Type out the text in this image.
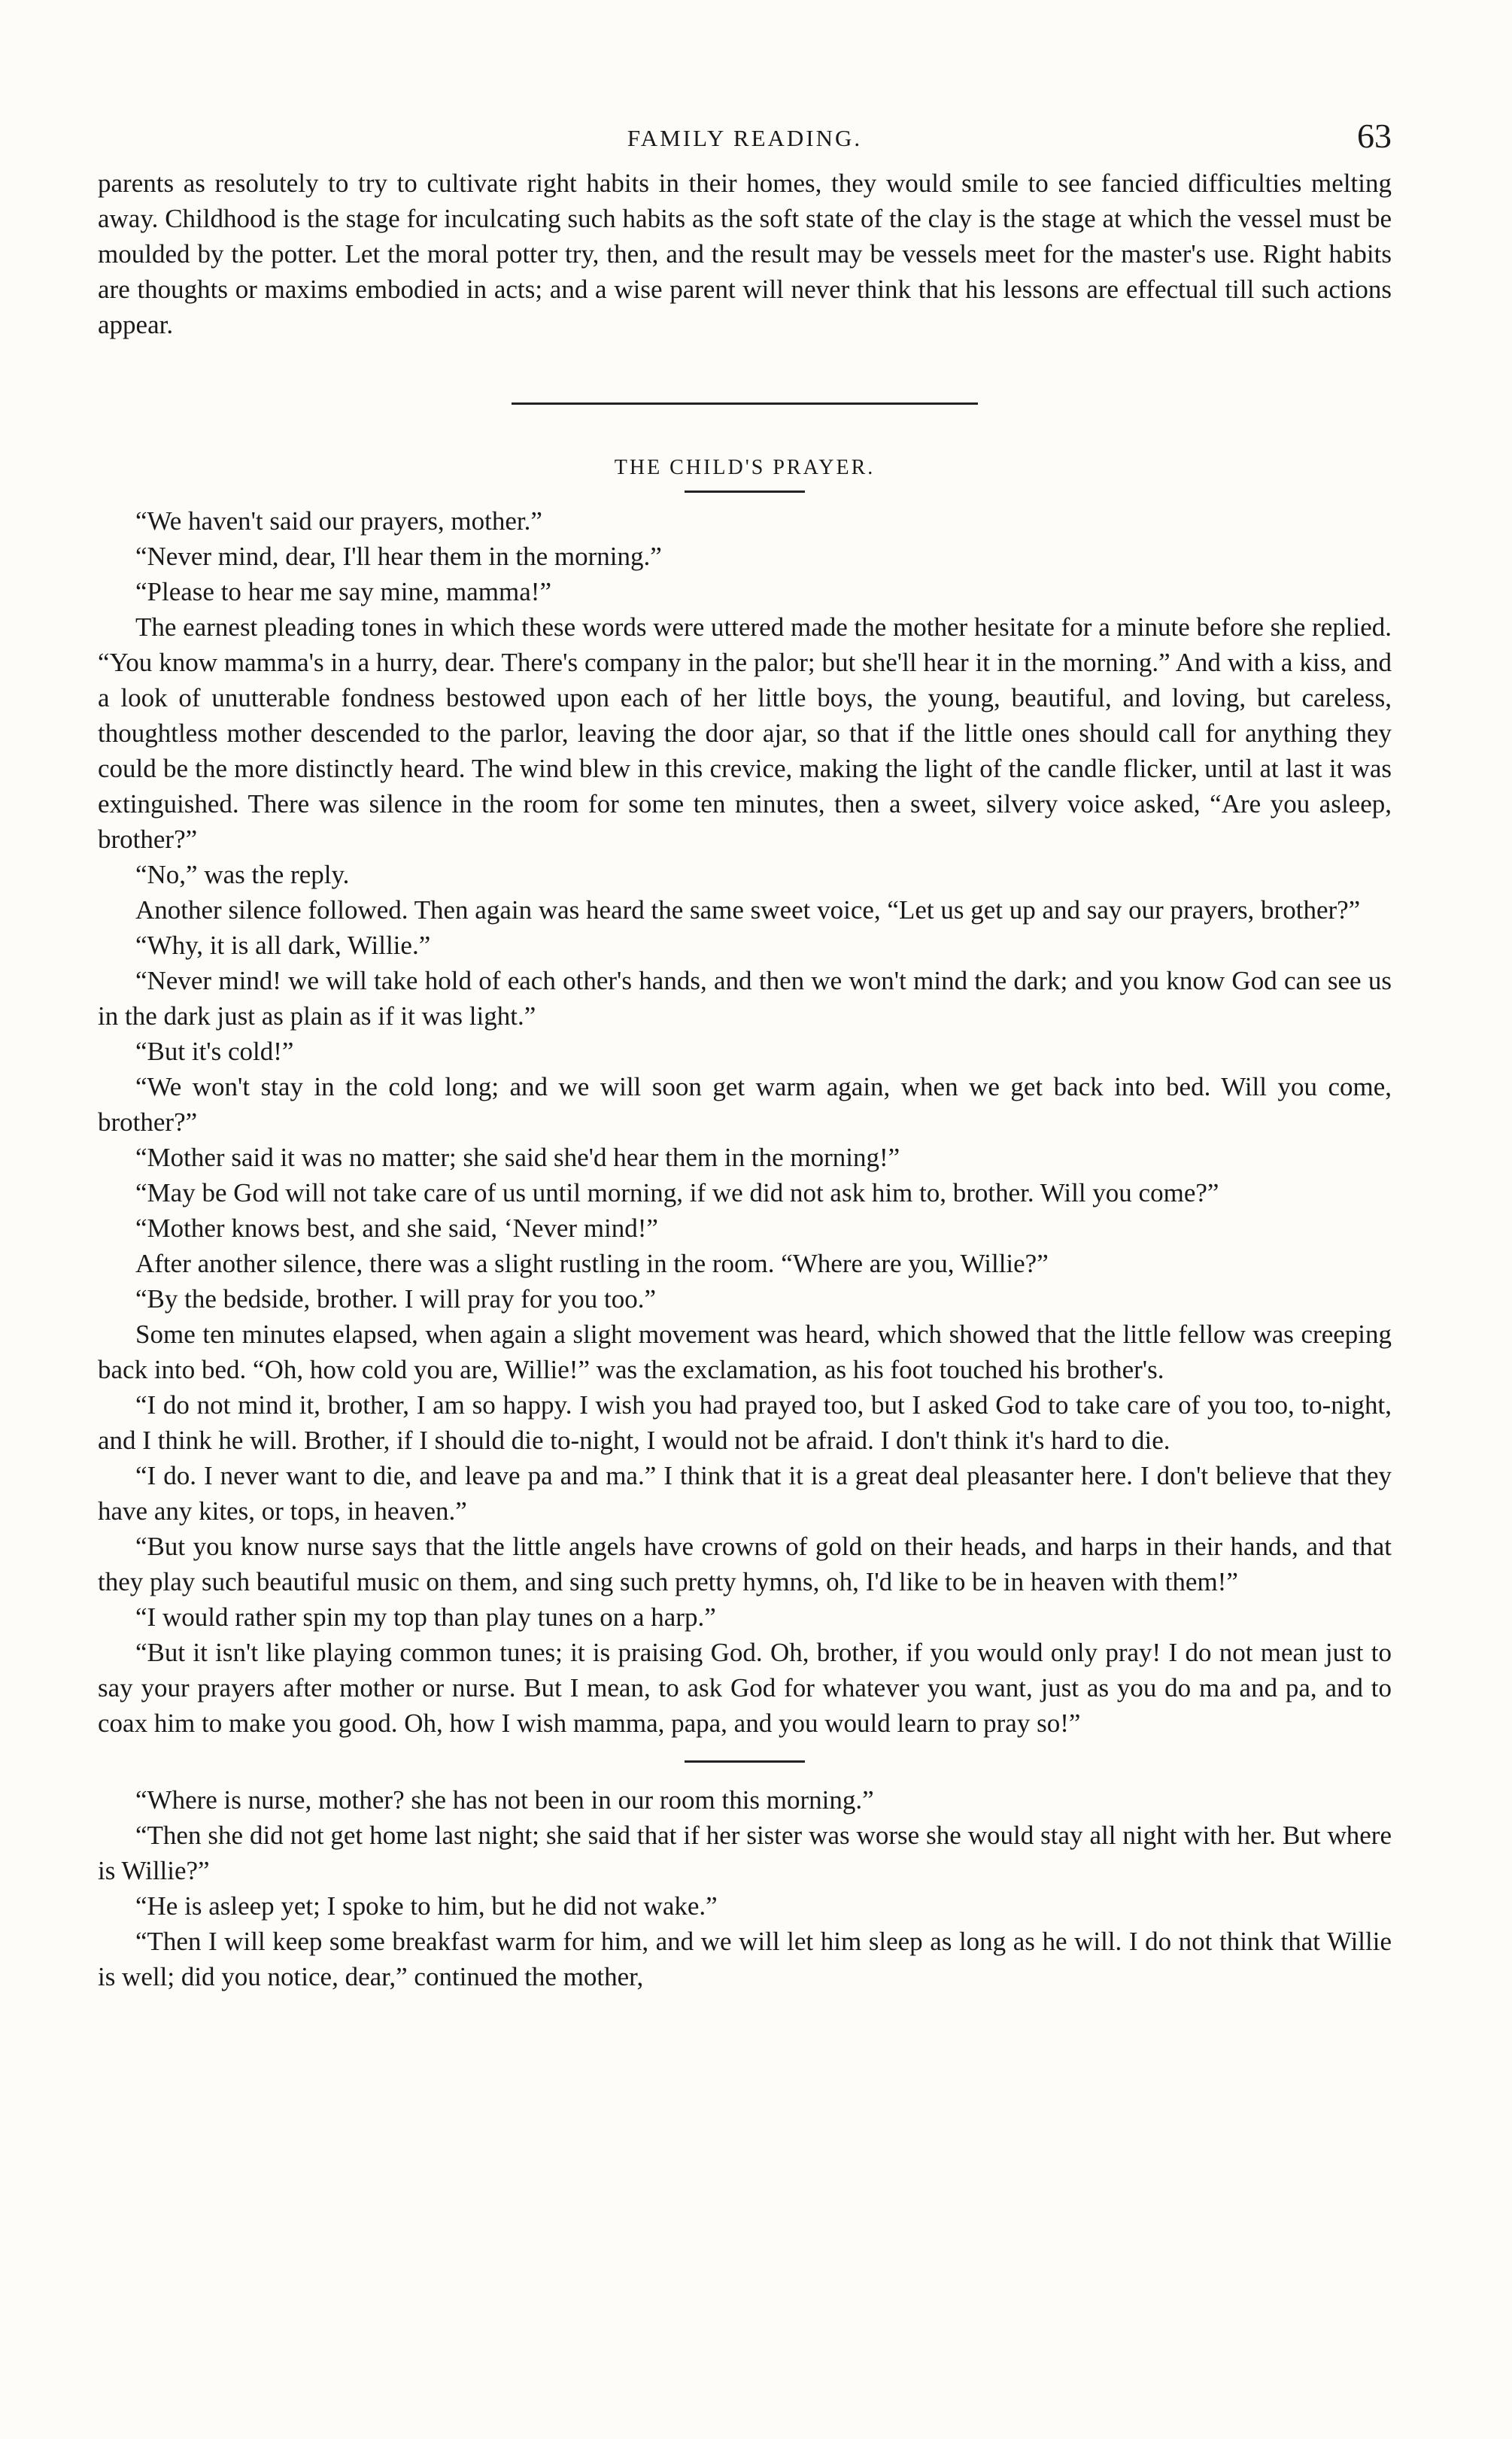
FAMILY READING.	63

parents as resolutely to try to cultivate right habits in their homes, they would smile to see fancied difficulties melting away. Childhood is the stage for inculcating such habits as the soft state of the clay is the stage at which the vessel must be moulded by the potter. Let the moral potter try, then, and the result may be vessels meet for the master's use. Right habits are thoughts or maxims embodied in acts; and a wise parent will never think that his lessons are effectual till such actions appear.

THE CHILD'S PRAYER.

“We haven't said our prayers, mother.”

“Never mind, dear, I'll hear them in the morning.”

“Please to hear me say mine, mamma!”

The earnest pleading tones in which these words were uttered made the mother hesitate for a minute before she replied. “You know mamma's in a hurry, dear. There's company in the palor; but she'll hear it in the morning.” And with a kiss, and a look of unutterable fondness bestowed upon each of her little boys, the young, beautiful, and loving, but careless, thoughtless mother descended to the parlor, leaving the door ajar, so that if the little ones should call for anything they could be the more distinctly heard. The wind blew in this crevice, making the light of the candle flicker, until at last it was extinguished. There was silence in the room for some ten minutes, then a sweet, silvery voice asked, “Are you asleep, brother?”

“No,” was the reply.

Another silence followed. Then again was heard the same sweet voice, “Let us get up and say our prayers, brother?”

“Why, it is all dark, Willie.”

“Never mind! we will take hold of each other's hands, and then we won't mind the dark; and you know God can see us in the dark just as plain as if it was light.”

“But it's cold!”

“We won't stay in the cold long; and we will soon get warm again, when we get back into bed. Will you come, brother?”

“Mother said it was no matter; she said she'd hear them in the morning!”

“May be God will not take care of us until morning, if we did not ask him to, brother. Will you come?”

“Mother knows best, and she said, ‘Never mind!”

After another silence, there was a slight rustling in the room. “Where are you, Willie?”

“By the bedside, brother. I will pray for you too.”

Some ten minutes elapsed, when again a slight movement was heard, which showed that the little fellow was creeping back into bed. “Oh, how cold you are, Willie!” was the exclamation, as his foot touched his brother's.

“I do not mind it, brother, I am so happy. I wish you had prayed too, but I asked God to take care of you too, to-night, and I think he will. Brother, if I should die to-night, I would not be afraid. I don't think it's hard to die.

“I do. I never want to die, and leave pa and ma.” I think that it is a great deal pleasanter here. I don't believe that they have any kites, or tops, in heaven.”

“But you know nurse says that the little angels have crowns of gold on their heads, and harps in their hands, and that they play such beautiful music on them, and sing such pretty hymns, oh, I'd like to be in heaven with them!”

“I would rather spin my top than play tunes on a harp.”

“But it isn't like playing common tunes; it is praising God. Oh, brother, if you would only pray! I do not mean just to say your prayers after mother or nurse. But I mean, to ask God for whatever you want, just as you do ma and pa, and to coax him to make you good. Oh, how I wish mamma, papa, and you would learn to pray so!”

“Where is nurse, mother? she has not been in our room this morning.”

“Then she did not get home last night; she said that if her sister was worse she would stay all night with her. But where is Willie?”

“He is asleep yet; I spoke to him, but he did not wake.”

“Then I will keep some breakfast warm for him, and we will let him sleep as long as he will. I do not think that Willie is well; did you notice, dear,” continued the mother,
